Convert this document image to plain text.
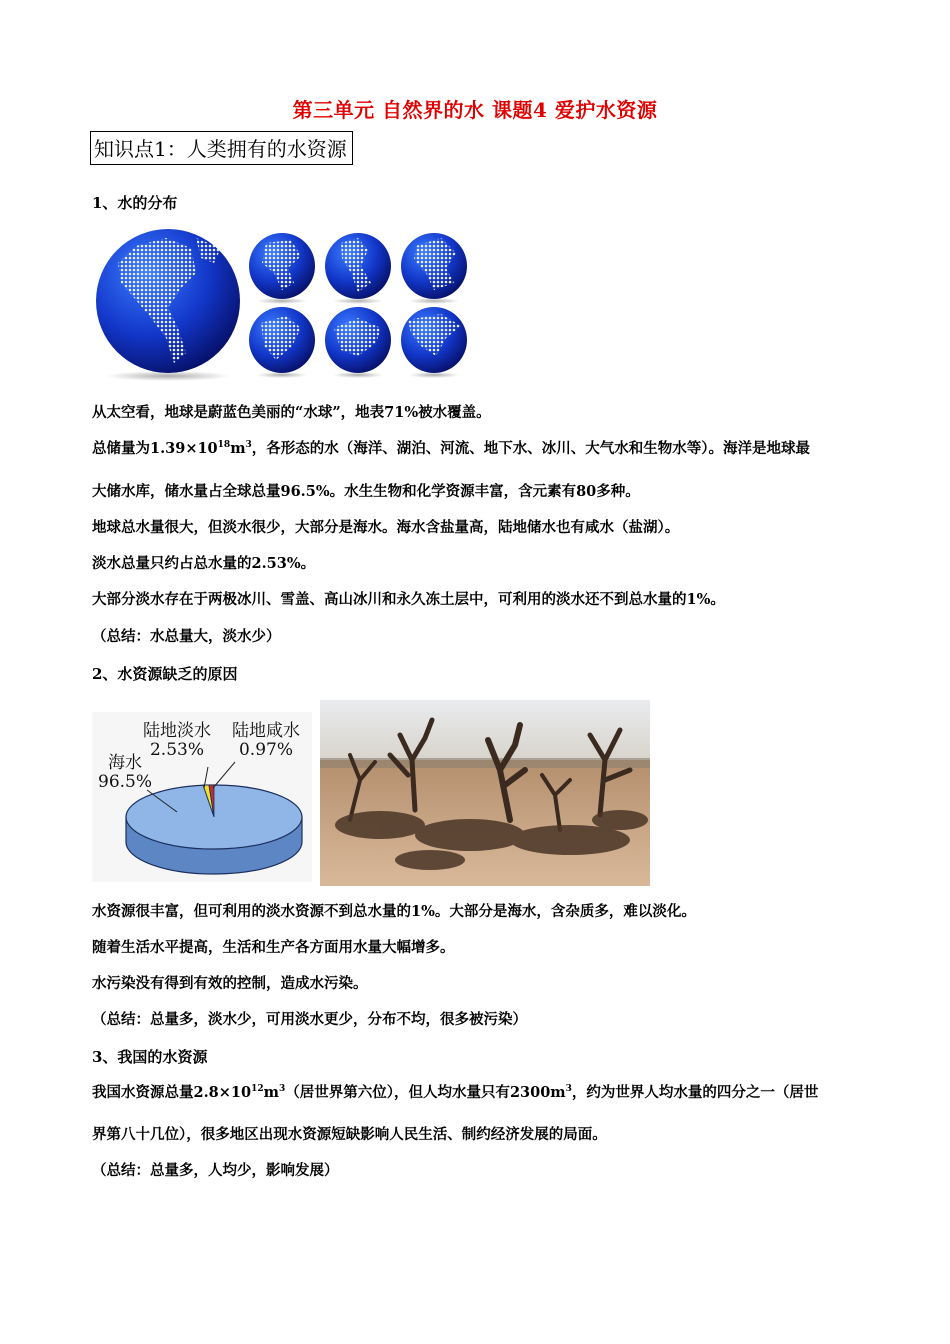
第三单元 自然界的水 课题4 爱护水资源
知识点1：人类拥有的水资源
1、水的分布
从太空看，地球是蔚蓝色美丽的“水球”，地表71%被水覆盖。
总储量为$1.39\times 10^{18}m^3$，各形态的水（海洋、湖泊、河流、地下水、冰川、大气水和生物水等）。海洋是地球最
大储水库，储水量占全球总量96.5%。水生生物和化学资源丰富，含元素有80多种。
地球总水量很大，但淡水很少，大部分是海水。海水含盐量高，陆地储水也有咸水（盐湖）。
淡水总量只约占总水量的2.53%。
大部分淡水存在于两极冰川、雪盖、高山冰川和永久冻土层中，可利用的淡水还不到总水量的1%。
（总结：水总量大，淡水少）
2、水资源缺乏的原因
陆地淡水
2.53%
陆地咸水
0.97%
海水
96.5%
水资源很丰富，但可利用的淡水资源不到总水量的1%。大部分是海水，含杂质多，难以淡化。
随着生活水平提高，生活和生产各方面用水量大幅增多。
水污染没有得到有效的控制，造成水污染。
（总结：总量多，淡水少，可用淡水更少，分布不均，很多被污染）
3、我国的水资源
我国水资源总量$2.8\times 10^{12}m^3$（居世界第六位），但人均水量只有$2300m^3$，约为世界人均水量的四分之一（居世
界第八十几位），很多地区出现水资源短缺影响人民生活、制约经济发展的局面。
（总结：总量多，人均少，影响发展）
